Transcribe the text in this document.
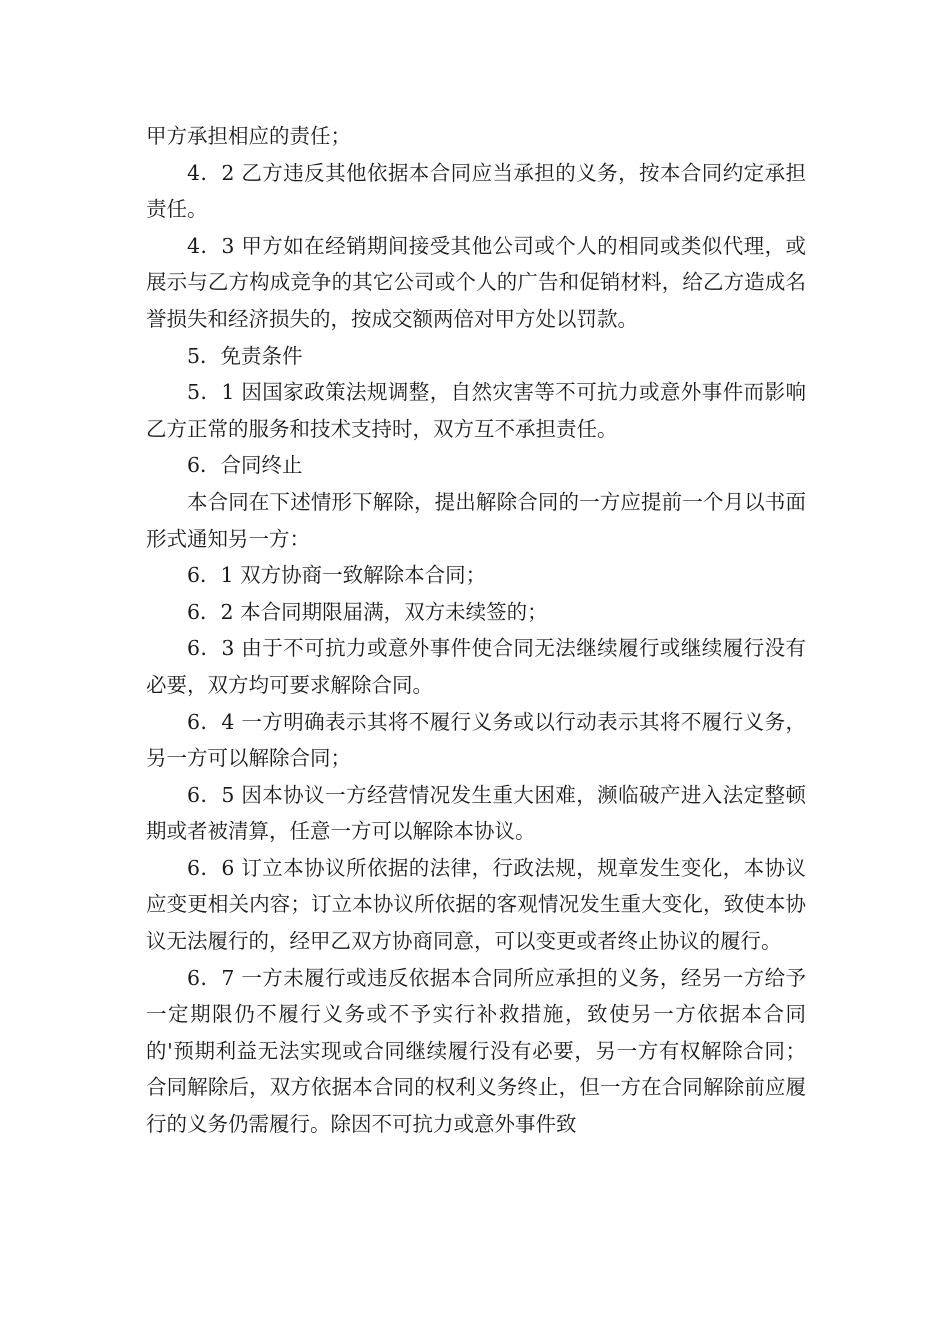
甲方承担相应的责任；

4．2 乙方违反其他依据本合同应当承担的义务，按本合同约定承担责任。

4．3 甲方如在经销期间接受其他公司或个人的相同或类似代理，或展示与乙方构成竞争的其它公司或个人的广告和促销材料，给乙方造成名誉损失和经济损失的，按成交额两倍对甲方处以罚款。

5．免责条件

5．1 因国家政策法规调整，自然灾害等不可抗力或意外事件而影响乙方正常的服务和技术支持时，双方互不承担责任。

6．合同终止

本合同在下述情形下解除，提出解除合同的一方应提前一个月以书面形式通知另一方：

6．1 双方协商一致解除本合同；

6．2 本合同期限届满，双方未续签的；

6．3 由于不可抗力或意外事件使合同无法继续履行或继续履行没有必要，双方均可要求解除合同。

6．4 一方明确表示其将不履行义务或以行动表示其将不履行义务，另一方可以解除合同；

6．5 因本协议一方经营情况发生重大困难，濒临破产进入法定整顿期或者被清算，任意一方可以解除本协议。

6．6 订立本协议所依据的法律，行政法规，规章发生变化，本协议应变更相关内容；订立本协议所依据的客观情况发生重大变化，致使本协议无法履行的，经甲乙双方协商同意，可以变更或者终止协议的履行。

6．7 一方未履行或违反依据本合同所应承担的义务，经另一方给予一定期限仍不履行义务或不予实行补救措施，致使另一方依据本合同的'预期利益无法实现或合同继续履行没有必要，另一方有权解除合同；合同解除后，双方依据本合同的权利义务终止，但一方在合同解除前应履行的义务仍需履行。除因不可抗力或意外事件致
